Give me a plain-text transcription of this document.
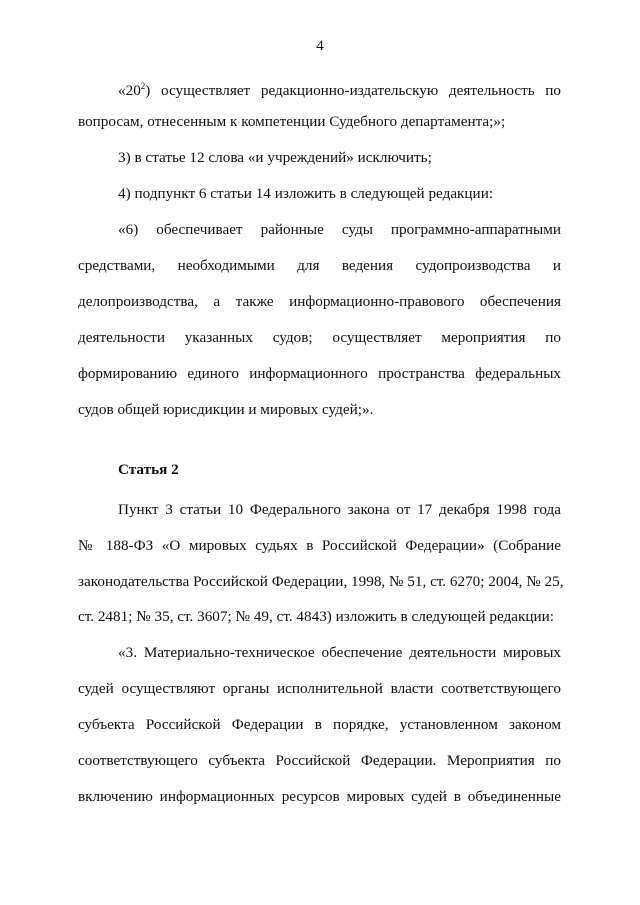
4
«$20^2$) осуществляет редакционно-издательскую деятельность по
вопросам, отнесенным к компетенции Судебного департамента;»;
3) в статье 12 слова «и учреждений» исключить;
4) подпункт 6 статьи 14 изложить в следующей редакции:
«6) обеспечивает районные суды программно-аппаратными
средствами, необходимыми для ведения судопроизводства и
делопроизводства, а также информационно-правового обеспечения
деятельности указанных судов; осуществляет мероприятия по
формированию единого информационного пространства федеральных
судов общей юрисдикции и мировых судей;».
Статья 2
Пункт 3 статьи 10 Федерального закона от 17 декабря 1998 года
№ 188-ФЗ «О мировых судьях в Российской Федерации» (Собрание
законодательства Российской Федерации, 1998, № 51, ст. 6270; 2004, № 25,
ст. 2481; № 35, ст. 3607; № 49, ст. 4843) изложить в следующей редакции:
«3. Материально-техническое обеспечение деятельности мировых
судей осуществляют органы исполнительной власти соответствующего
субъекта Российской Федерации в порядке, установленном законом
соответствующего субъекта Российской Федерации. Мероприятия по
включению информационных ресурсов мировых судей в объединенные
